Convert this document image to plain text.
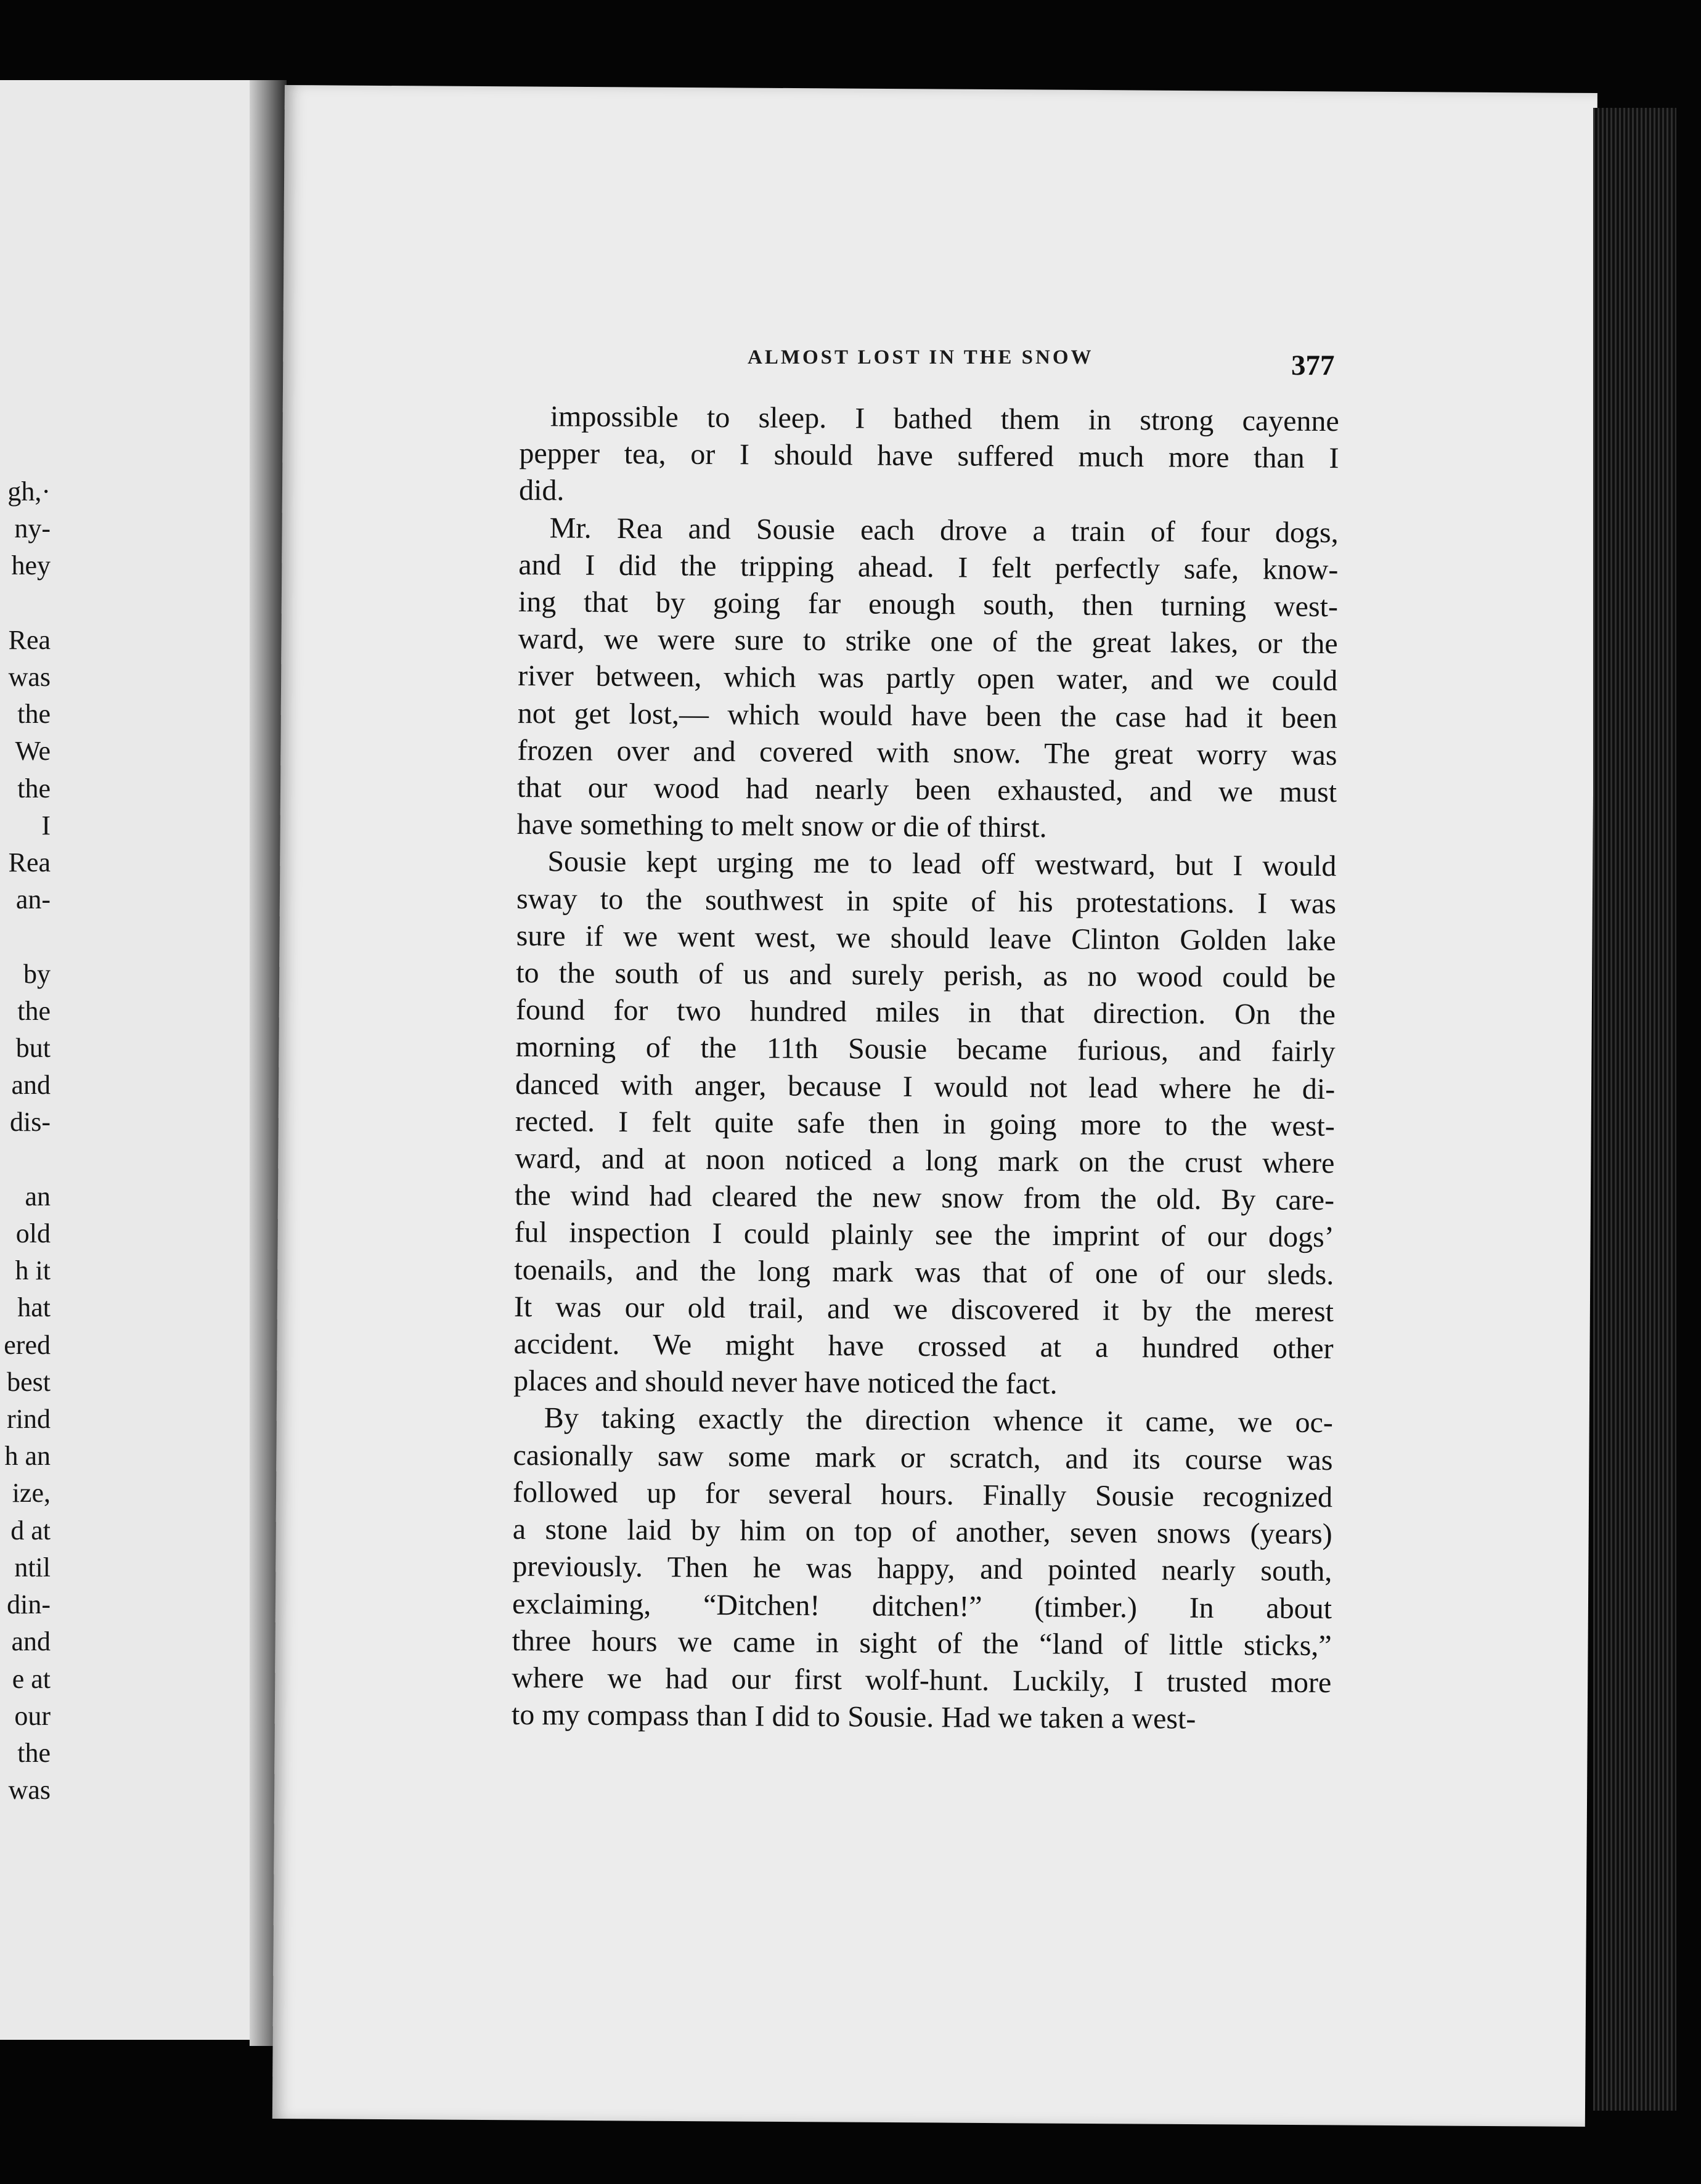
gh,·
ny-
hey

Rea
was
the
We
the
I
Rea
an-

by
the
but
and
dis-

an
old
h it
hat
ered
best
rind
h an
ize,
d at
ntil
din-
and
e at
our
the
was
ALMOST LOST IN THE SNOW	377
impossible to sleep. I bathed them in strong cayenne
pepper tea, or I should have suffered much more than I
did.
Mr. Rea and Sousie each drove a train of four dogs,
and I did the tripping ahead. I felt perfectly safe, know-
ing that by going far enough south, then turning west-
ward, we were sure to strike one of the great lakes, or the
river between, which was partly open water, and we could
not get lost,— which would have been the case had it been
frozen over and covered with snow. The great worry was
that our wood had nearly been exhausted, and we must
have something to melt snow or die of thirst.
Sousie kept urging me to lead off westward, but I would
sway to the southwest in spite of his protestations. I was
sure if we went west, we should leave Clinton Golden lake
to the south of us and surely perish, as no wood could be
found for two hundred miles in that direction. On the
morning of the 11th Sousie became furious, and fairly
danced with anger, because I would not lead where he di-
rected. I felt quite safe then in going more to the west-
ward, and at noon noticed a long mark on the crust where
the wind had cleared the new snow from the old. By care-
ful inspection I could plainly see the imprint of our dogs’
toenails, and the long mark was that of one of our sleds.
It was our old trail, and we discovered it by the merest
accident. We might have crossed at a hundred other
places and should never have noticed the fact.
By taking exactly the direction whence it came, we oc-
casionally saw some mark or scratch, and its course was
followed up for several hours. Finally Sousie recognized
a stone laid by him on top of another, seven snows (years)
previously. Then he was happy, and pointed nearly south,
exclaiming, “Ditchen! ditchen!” (timber.) In about
three hours we came in sight of the “land of little sticks,”
where we had our first wolf-hunt. Luckily, I trusted more
to my compass than I did to Sousie. Had we taken a west-
